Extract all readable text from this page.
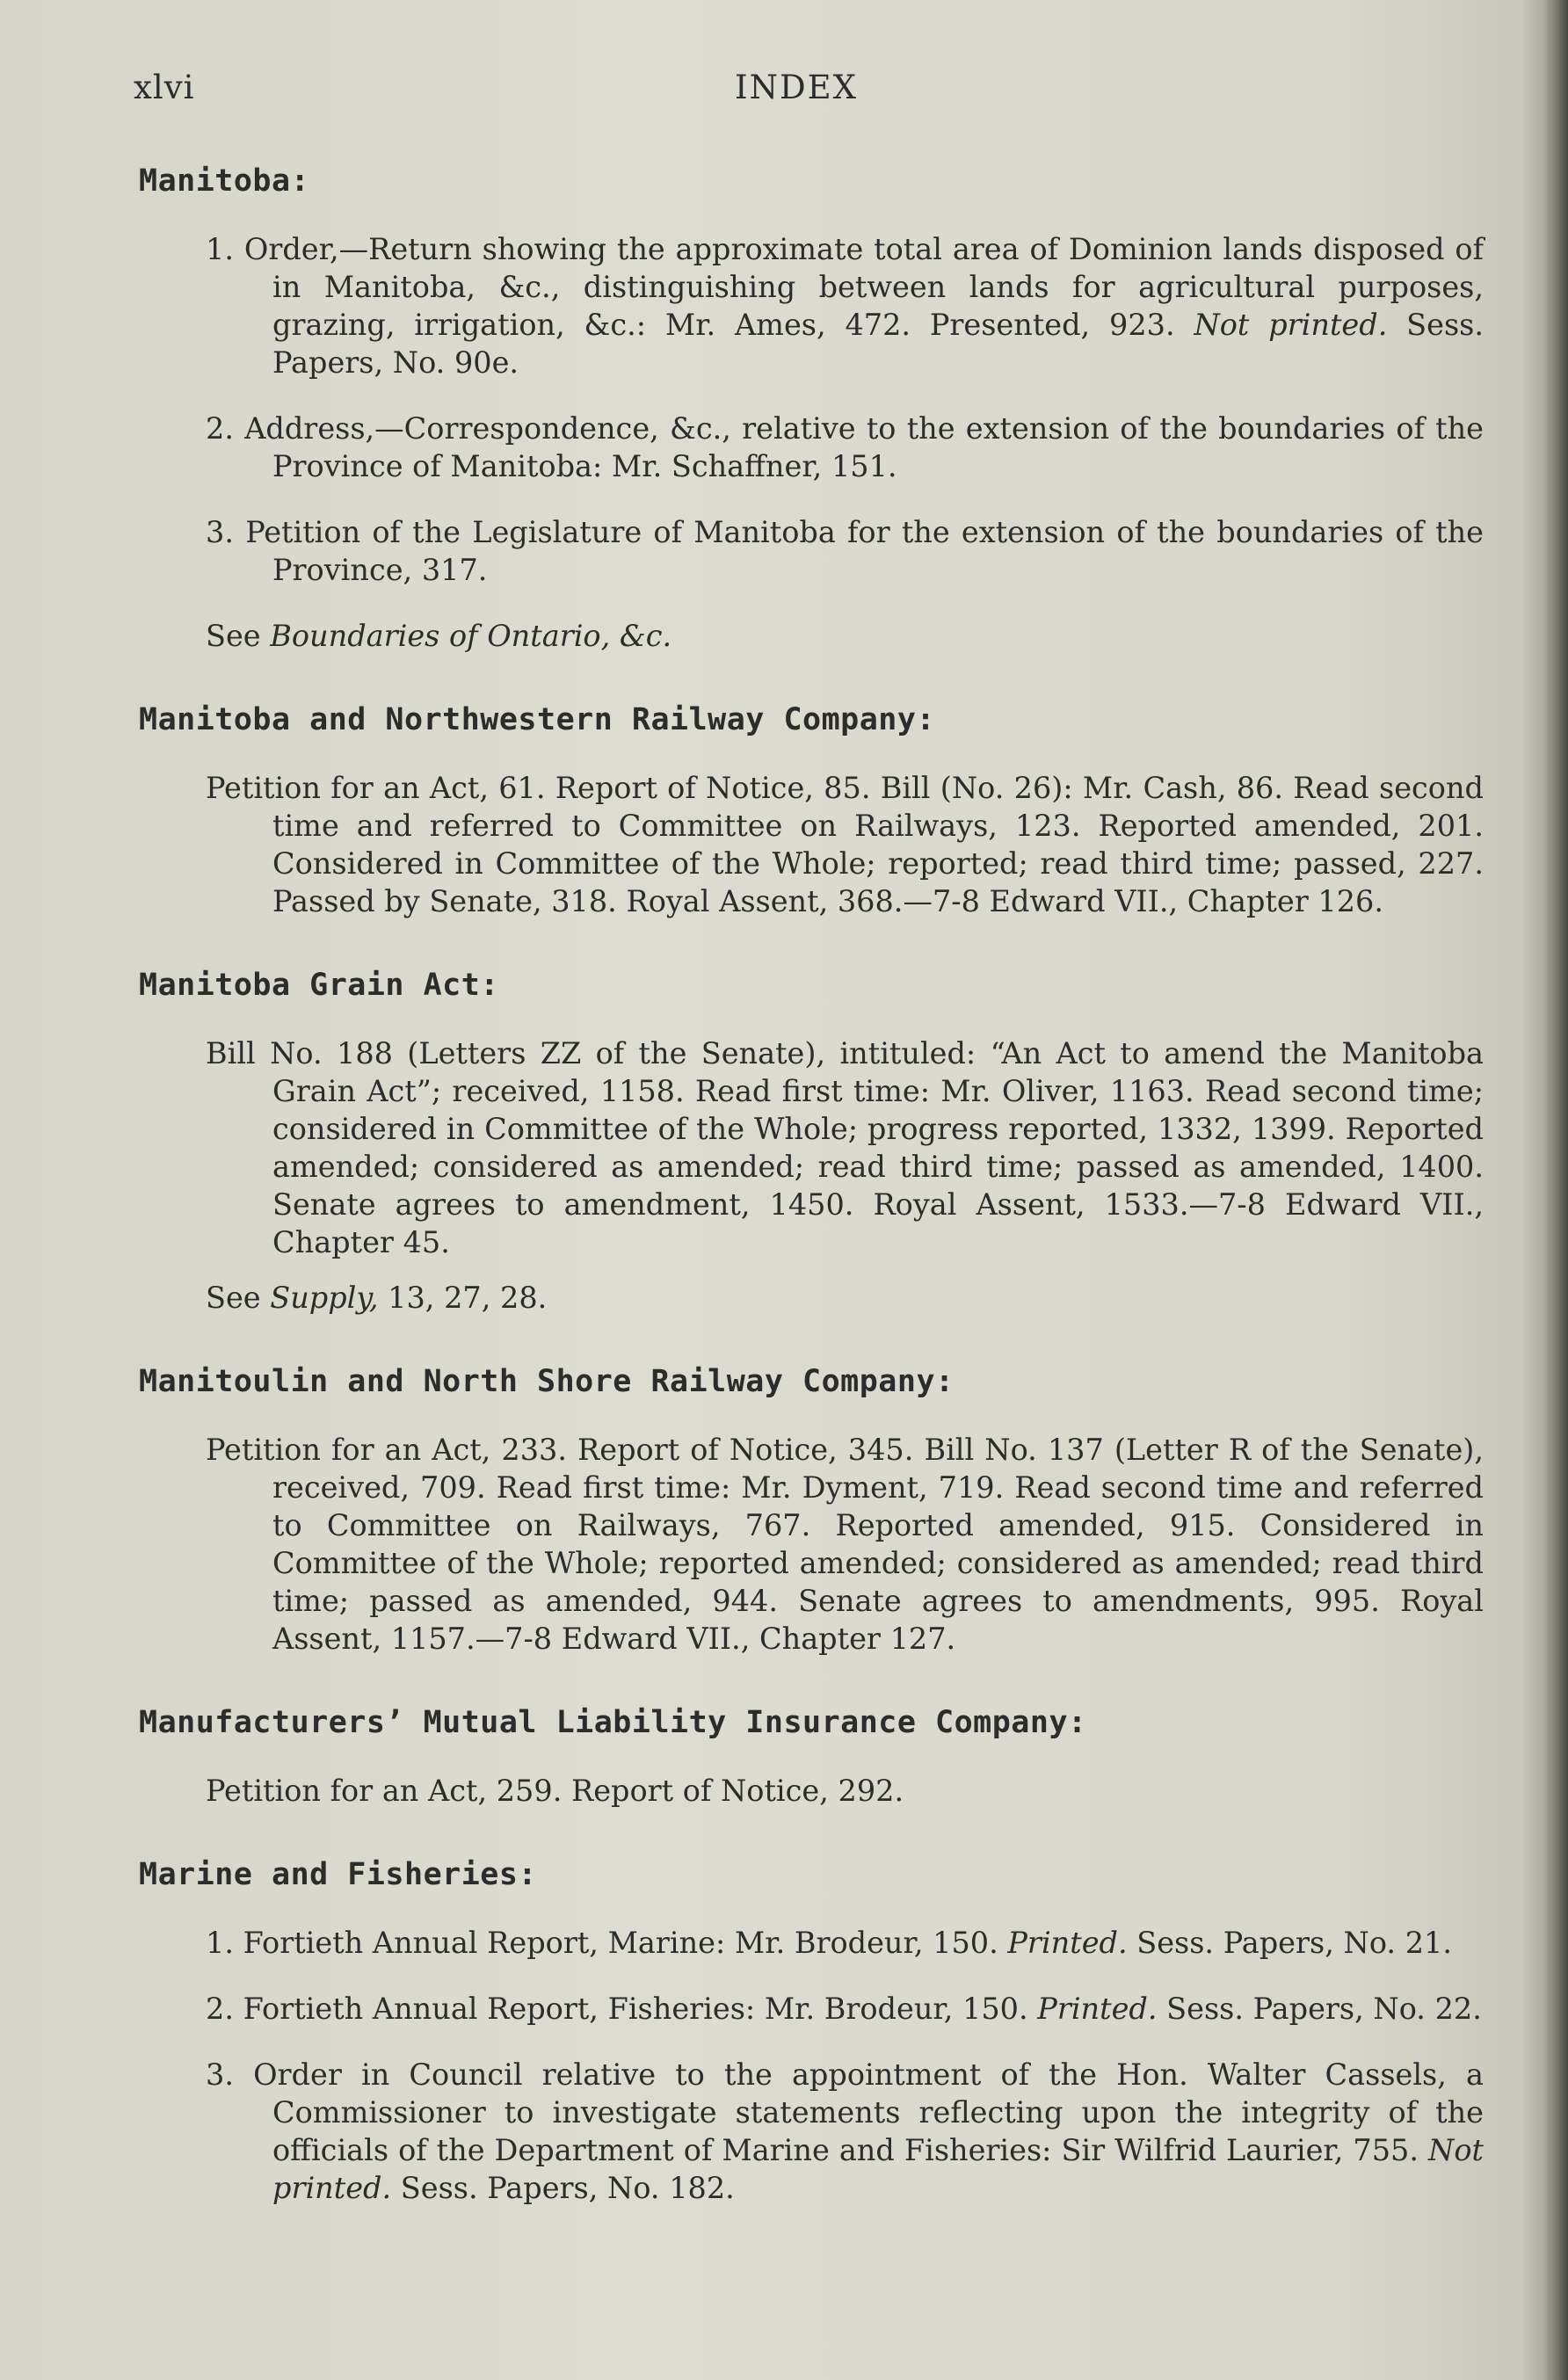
xlvi	INDEX
Manitoba:
1. Order,—Return showing the approximate total area of Dominion lands disposed of in Manitoba, &c., distinguishing between lands for agricultural purposes, grazing, irrigation, &c.: Mr. Ames, 472. Presented, 923. Not printed. Sess. Papers, No. 90e.
2. Address,—Correspondence, &c., relative to the extension of the boundaries of the Province of Manitoba: Mr. Schaffner, 151.
3. Petition of the Legislature of Manitoba for the extension of the boundaries of the Province, 317.
See Boundaries of Ontario, &c.
Manitoba and Northwestern Railway Company:
Petition for an Act, 61. Report of Notice, 85. Bill (No. 26): Mr. Cash, 86. Read second time and referred to Committee on Railways, 123. Reported amended, 201. Considered in Committee of the Whole; reported; read third time; passed, 227. Passed by Senate, 318. Royal Assent, 368.—7-8 Edward VII., Chapter 126.
Manitoba Grain Act:
Bill No. 188 (Letters ZZ of the Senate), intituled: “An Act to amend the Manitoba Grain Act”; received, 1158. Read first time: Mr. Oliver, 1163. Read second time; considered in Committee of the Whole; progress reported, 1332, 1399. Reported amended; considered as amended; read third time; passed as amended, 1400. Senate agrees to amendment, 1450. Royal Assent, 1533.—7-8 Edward VII., Chapter 45.
See Supply, 13, 27, 28.
Manitoulin and North Shore Railway Company:
Petition for an Act, 233. Report of Notice, 345. Bill No. 137 (Letter R of the Senate), received, 709. Read first time: Mr. Dyment, 719. Read second time and referred to Committee on Railways, 767. Reported amended, 915. Considered in Committee of the Whole; reported amended; considered as amended; read third time; passed as amended, 944. Senate agrees to amendments, 995. Royal Assent, 1157.—7-8 Edward VII., Chapter 127.
Manufacturers’ Mutual Liability Insurance Company:
Petition for an Act, 259. Report of Notice, 292.
Marine and Fisheries:
1. Fortieth Annual Report, Marine: Mr. Brodeur, 150. Printed. Sess. Papers, No. 21.
2. Fortieth Annual Report, Fisheries: Mr. Brodeur, 150. Printed. Sess. Papers, No. 22.
3. Order in Council relative to the appointment of the Hon. Walter Cassels, a Commissioner to investigate statements reflecting upon the integrity of the officials of the Department of Marine and Fisheries: Sir Wilfrid Laurier, 755. Not printed. Sess. Papers, No. 182.
